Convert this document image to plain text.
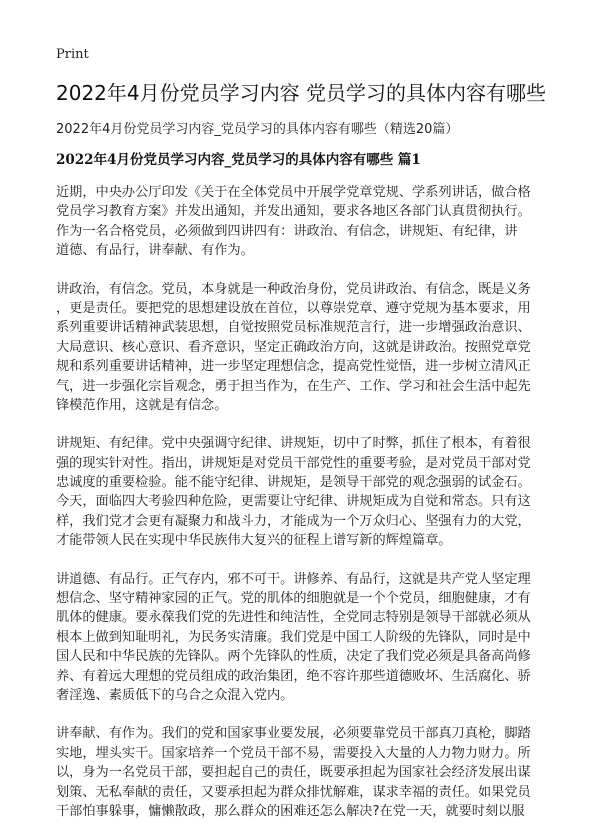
Print
2022年4月份党员学习内容 党员学习的具体内容有哪些
2022年4月份党员学习内容_党员学习的具体内容有哪些（精选20篇）
2022年4月份党员学习内容_党员学习的具体内容有哪些 篇1
近期，中央办公厅印发《关于在全体党员中开展学党章党规、学系列讲话，做合格
党员学习教育方案》并发出通知，并发出通知，要求各地区各部门认真贯彻执行。
作为一名合格党员，必须做到四讲四有：讲政治、有信念，讲规矩、有纪律，讲
道德、有品行，讲奉献、有作为。
讲政治，有信念。党员，本身就是一种政治身份，党员讲政治、有信念，既是义务
，更是责任。要把党的思想建设放在首位，以尊崇党章、遵守党规为基本要求，用
系列重要讲话精神武装思想，自觉按照党员标准规范言行，进一步增强政治意识、
大局意识、核心意识、看齐意识，坚定正确政治方向，这就是讲政治。按照党章党
规和系列重要讲话精神，进一步坚定理想信念，提高党性觉悟，进一步树立清风正
气，进一步强化宗旨观念，勇于担当作为，在生产、工作、学习和社会生活中起先
锋模范作用，这就是有信念。
讲规矩、有纪律。党中央强调守纪律、讲规矩，切中了时弊，抓住了根本，有着很
强的现实针对性。指出，讲规矩是对党员干部党性的重要考验，是对党员干部对党
忠诚度的重要检验。能不能守纪律、讲规矩，是领导干部党的观念强弱的试金石。
今天，面临四大考验四种危险，更需要让守纪律、讲规矩成为自觉和常态。只有这
样，我们党才会更有凝聚力和战斗力，才能成为一个万众归心、坚强有力的大党，
才能带领人民在实现中华民族伟大复兴的征程上谱写新的辉煌篇章。
讲道德、有品行。正气存内，邪不可干。讲修养、有品行，这就是共产党人坚定理
想信念、坚守精神家园的正气。党的肌体的细胞就是一个个党员，细胞健康，才有
肌体的健康。要永葆我们党的先进性和纯洁性，全党同志特别是领导干部就必须从
根本上做到知耻明礼，为民务实清廉。我们党是中国工人阶级的先锋队，同时是中
国人民和中华民族的先锋队。两个先锋队的性质，决定了我们党必须是具备高尚修
养、有着远大理想的党员组成的政治集团，绝不容许那些道德败坏、生活腐化、骄
奢淫逸、素质低下的乌合之众混入党内。
讲奉献、有作为。我们的党和国家事业要发展，必须要靠党员干部真刀真枪，脚踏
实地，埋头实干。国家培养一个党员干部不易，需要投入大量的人力物力财力。所
以，身为一名党员干部，要担起自己的责任，既要承担起为国家社会经济发展出谋
划策、无私奉献的责任，又要承担起为群众排忧解难，谋求幸福的责任。如果党员
干部怕事躲事，慵懒散政，那么群众的困难还怎么解决?在党一天，就要时刻以服
